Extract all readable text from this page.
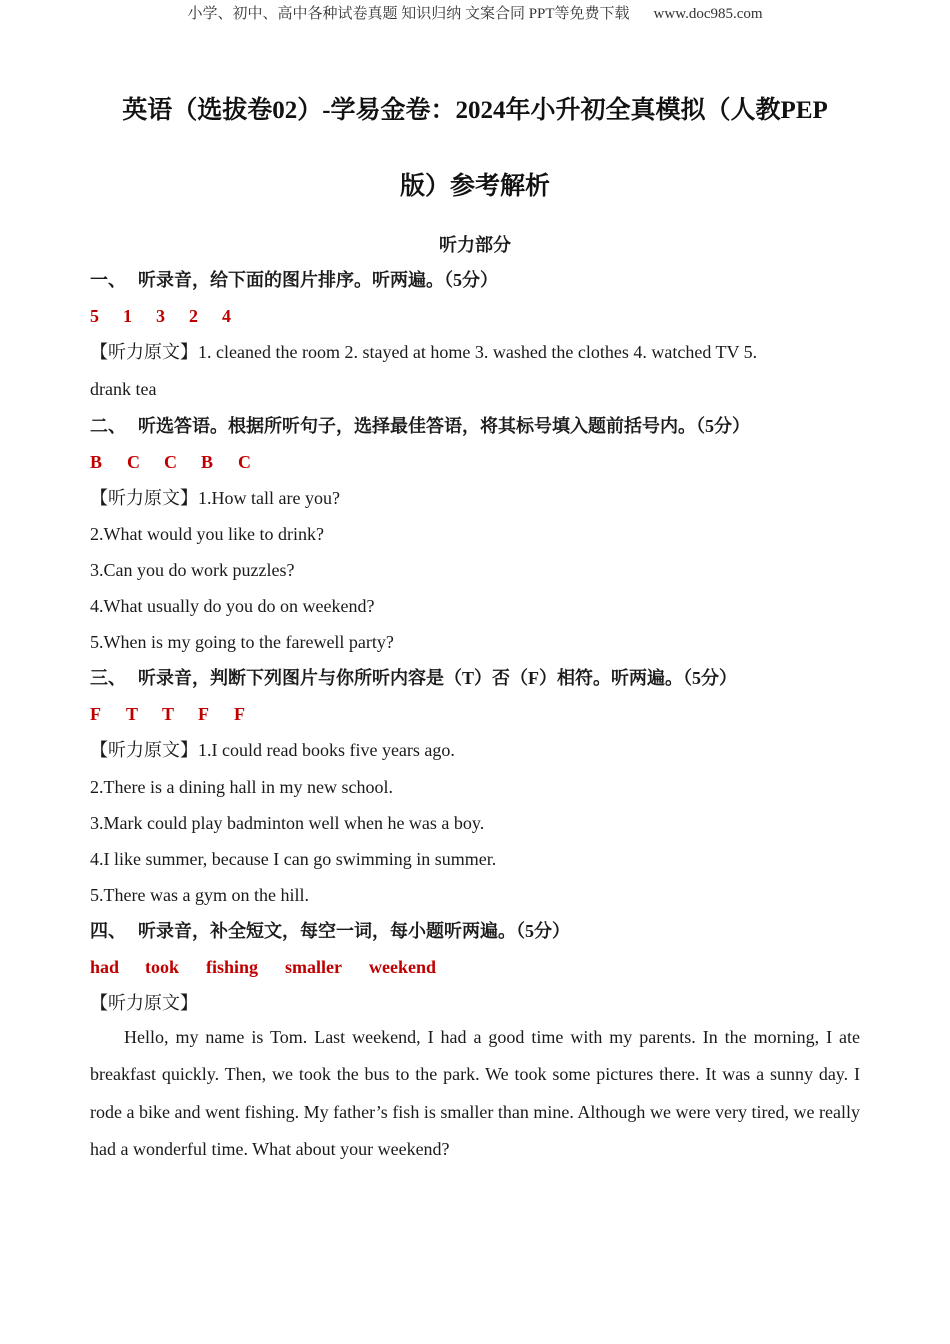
小学、初中、高中各种试卷真题 知识归纳 文案合同 PPT等免费下载 www.doc985.com
英语（选拔卷02）-学易金卷：2024年小升初全真模拟（人教PEP
版）参考解析
听力部分
一、 听录音，给下面的图片排序。听两遍。（5分）
5 1 3 2 4
【听力原文】1. cleaned the room 2. stayed at home 3. washed the clothes 4. watched TV 5.
drank tea
二、 听选答语。根据所听句子，选择最佳答语，将其标号填入题前括号内。（5分）
B C C B C
【听力原文】1.How tall are you?
2.What would you like to drink?
3.Can you do work puzzles?
4.What usually do you do on weekend?
5.When is my going to the farewell party?
三、 听录音，判断下列图片与你所听内容是（T）否（F）相符。听两遍。（5分）
F T T F F
【听力原文】1.I could read books five years ago.
2.There is a dining hall in my new school.
3.Mark could play badminton well when he was a boy.
4.I like summer, because I can go swimming in summer.
5.There was a gym on the hill.
四、 听录音，补全短文，每空一词，每小题听两遍。（5分）
had took fishing smaller weekend
【听力原文】
Hello, my name is Tom. Last weekend, I had a good time with my parents. In the morning, I ate breakfast quickly. Then, we took the bus to the park. We took some pictures there. It was a sunny day. I rode a bike and went fishing. My father’s fish is smaller than mine. Although we were very tired, we really had a wonderful time. What about your weekend?
